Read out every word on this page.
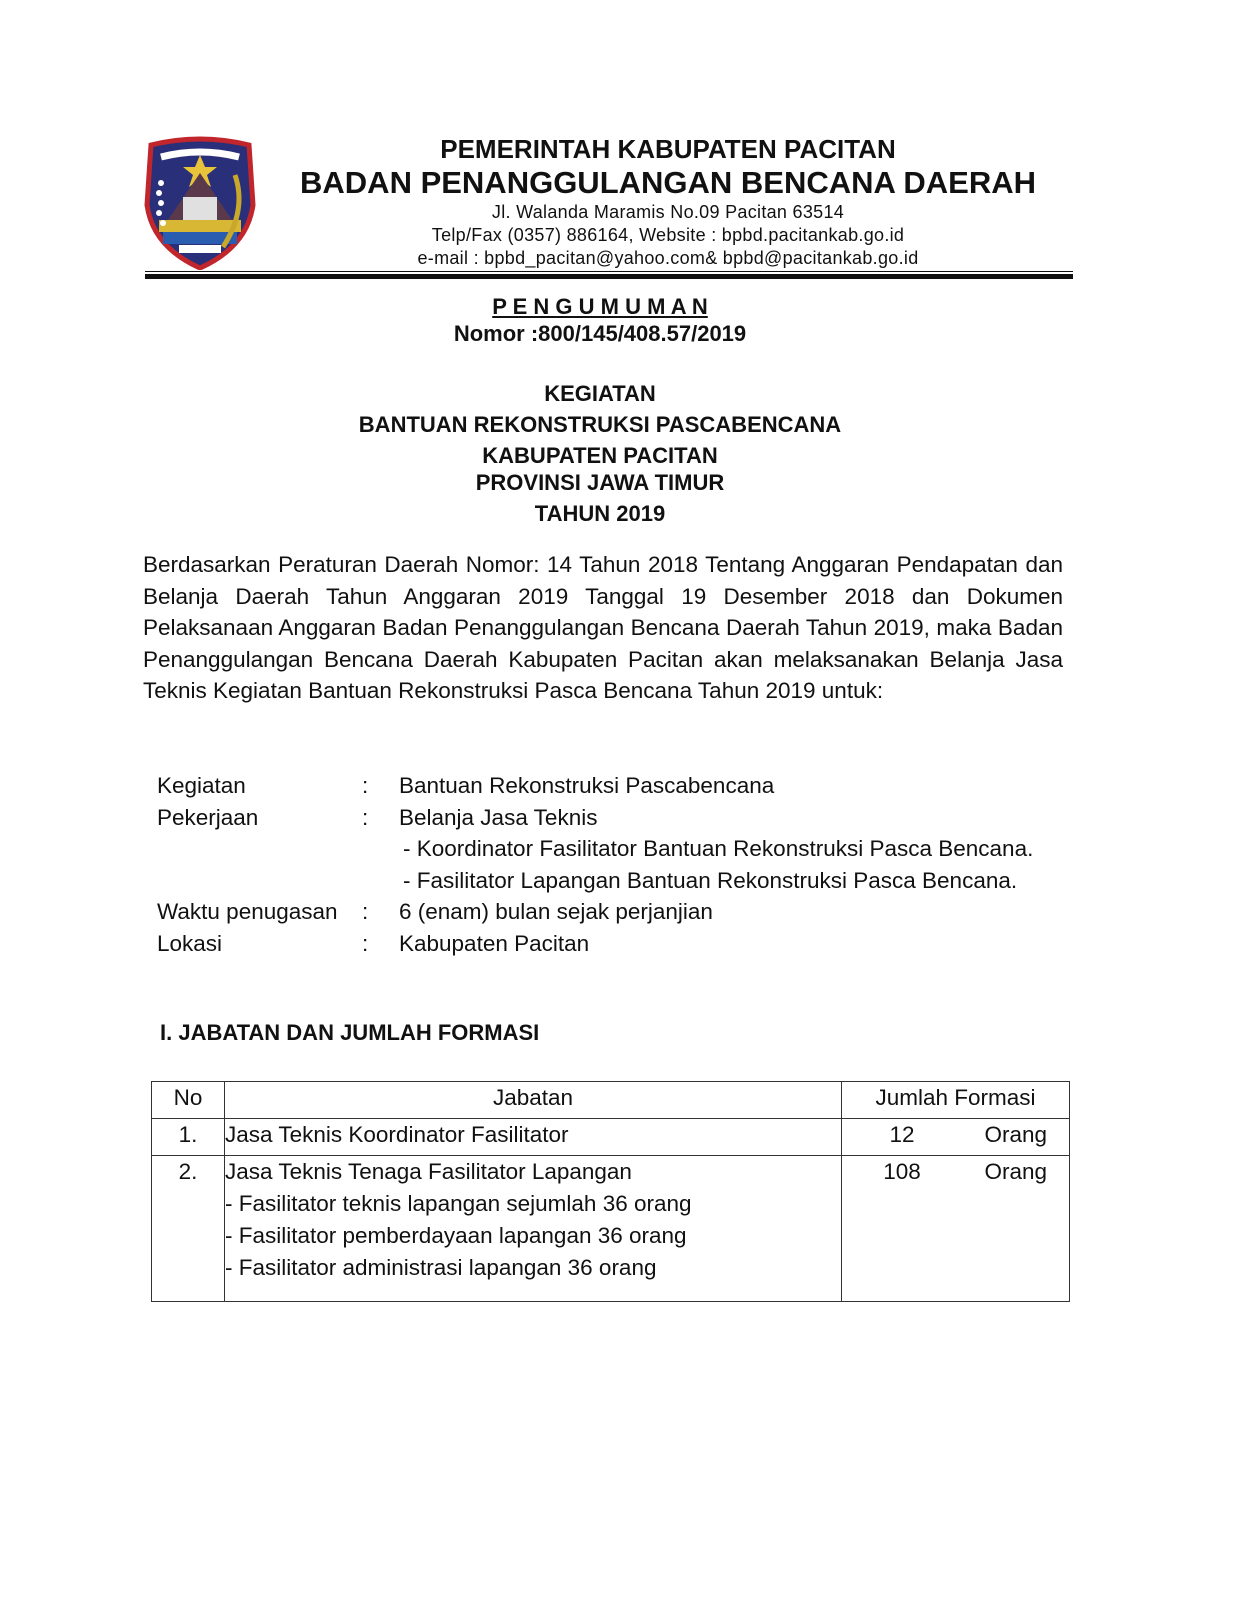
PEMERINTAH KABUPATEN PACITAN
BADAN PENANGGULANGAN BENCANA DAERAH
Jl. Walanda Maramis No.09 Pacitan 63514
Telp/Fax (0357) 886164, Website : bpbd.pacitankab.go.id
e-mail : bpbd_pacitan@yahoo.com& bpbd@pacitankab.go.id
P E N G U M U M A N
Nomor :800/145/408.57/2019
KEGIATAN
BANTUAN REKONSTRUKSI PASCABENCANA
KABUPATEN PACITAN
PROVINSI JAWA TIMUR
TAHUN 2019
Berdasarkan Peraturan Daerah Nomor: 14 Tahun 2018 Tentang Anggaran Pendapatan dan Belanja Daerah Tahun Anggaran 2019 Tanggal 19 Desember 2018 dan Dokumen Pelaksanaan Anggaran Badan Penanggulangan Bencana Daerah Tahun 2019, maka Badan Penanggulangan Bencana Daerah Kabupaten Pacitan akan melaksanakan Belanja Jasa Teknis Kegiatan Bantuan Rekonstruksi Pasca Bencana Tahun 2019 untuk:
Kegiatan	: Bantuan Rekonstruksi Pascabencana
Pekerjaan	: Belanja Jasa Teknis
- Koordinator Fasilitator Bantuan Rekonstruksi Pasca Bencana.
- Fasilitator Lapangan Bantuan Rekonstruksi Pasca Bencana.
Waktu penugasan : 6 (enam) bulan sejak perjanjian
Lokasi	: Kabupaten Pacitan
I. JABATAN DAN JUMLAH FORMASI
No	Jabatan	Jumlah Formasi
1.	Jasa Teknis Koordinator Fasilitator	12 Orang
2.	Jasa Teknis Tenaga Fasilitator Lapangan
- Fasilitator teknis lapangan sejumlah 36 orang
- Fasilitator pemberdayaan lapangan 36 orang
- Fasilitator administrasi lapangan 36 orang	108 Orang
